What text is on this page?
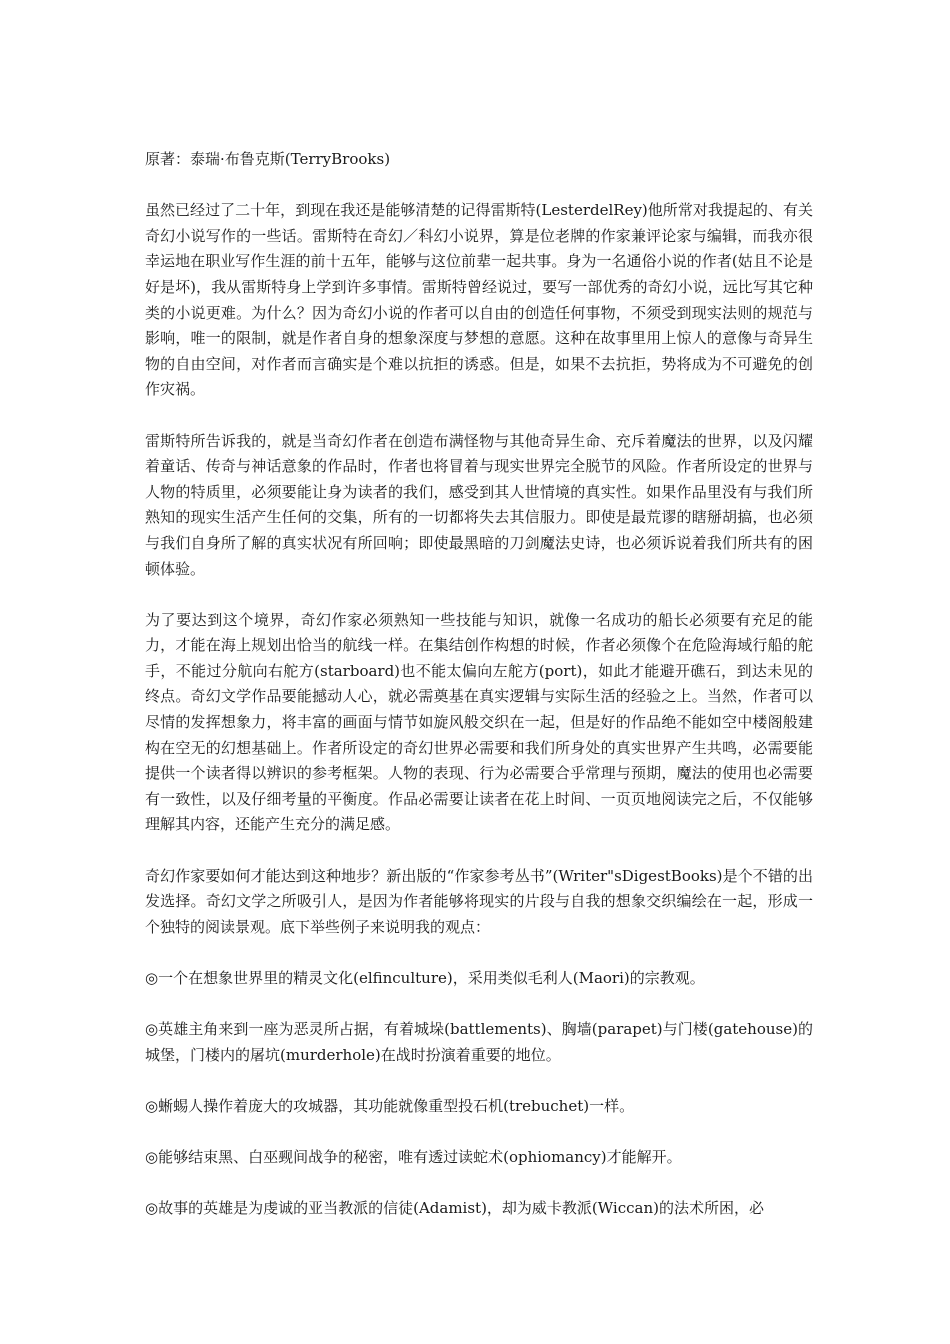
原著：泰瑞·布鲁克斯(TerryBrooks)

虽然已经过了二十年，到现在我还是能够清楚的记得雷斯特(LesterdelRey)他所常对我提起的、有关奇幻小说写作的一些话。雷斯特在奇幻／科幻小说界，算是位老牌的作家兼评论家与编辑，而我亦很幸运地在职业写作生涯的前十五年，能够与这位前辈一起共事。身为一名通俗小说的作者(姑且不论是好是坏)，我从雷斯特身上学到许多事情。雷斯特曾经说过，要写一部优秀的奇幻小说，远比写其它种类的小说更难。为什么？因为奇幻小说的作者可以自由的创造任何事物，不须受到现实法则的规范与影响，唯一的限制，就是作者自身的想象深度与梦想的意愿。这种在故事里用上惊人的意像与奇异生物的自由空间，对作者而言确实是个难以抗拒的诱惑。但是，如果不去抗拒，势将成为不可避免的创作灾祸。

雷斯特所告诉我的，就是当奇幻作者在创造布满怪物与其他奇异生命、充斥着魔法的世界，以及闪耀着童话、传奇与神话意象的作品时，作者也将冒着与现实世界完全脱节的风险。作者所设定的世界与人物的特质里，必须要能让身为读者的我们，感受到其人世情境的真实性。如果作品里没有与我们所熟知的现实生活产生任何的交集，所有的一切都将失去其信服力。即使是最荒谬的瞎掰胡搞，也必须与我们自身所了解的真实状况有所回响；即使最黑暗的刀剑魔法史诗，也必须诉说着我们所共有的困顿体验。

为了要达到这个境界，奇幻作家必须熟知一些技能与知识，就像一名成功的船长必须要有充足的能力，才能在海上规划出恰当的航线一样。在集结创作构想的时候，作者必须像个在危险海域行船的舵手，不能过分航向右舵方(starboard)也不能太偏向左舵方(port)，如此才能避开礁石，到达未见的终点。奇幻文学作品要能撼动人心，就必需奠基在真实逻辑与实际生活的经验之上。当然，作者可以尽情的发挥想象力，将丰富的画面与情节如旋风般交织在一起，但是好的作品绝不能如空中楼阁般建构在空无的幻想基础上。作者所设定的奇幻世界必需要和我们所身处的真实世界产生共鸣，必需要能提供一个读者得以辨识的参考框架。人物的表现、行为必需要合乎常理与预期，魔法的使用也必需要有一致性，以及仔细考量的平衡度。作品必需要让读者在花上时间、一页页地阅读完之后，不仅能够理解其内容，还能产生充分的满足感。

奇幻作家要如何才能达到这种地步？新出版的“作家参考丛书”(Writer"sDigestBooks)是个不错的出发选择。奇幻文学之所吸引人，是因为作者能够将现实的片段与自我的想象交织编绘在一起，形成一个独特的阅读景观。底下举些例子来说明我的观点：

◎一个在想象世界里的精灵文化(elfinculture)，采用类似毛利人(Maori)的宗教观。

◎英雄主角来到一座为恶灵所占据，有着城垛(battlements)、胸墙(parapet)与门楼(gatehouse)的城堡，门楼内的屠坑(murderhole)在战时扮演着重要的地位。

◎蜥蜴人操作着庞大的攻城器，其功能就像重型投石机(trebuchet)一样。

◎能够结束黑、白巫觋间战争的秘密，唯有透过读蛇术(ophiomancy)才能解开。

◎故事的英雄是为虔诚的亚当教派的信徒(Adamist)，却为威卡教派(Wiccan)的法术所困，必
